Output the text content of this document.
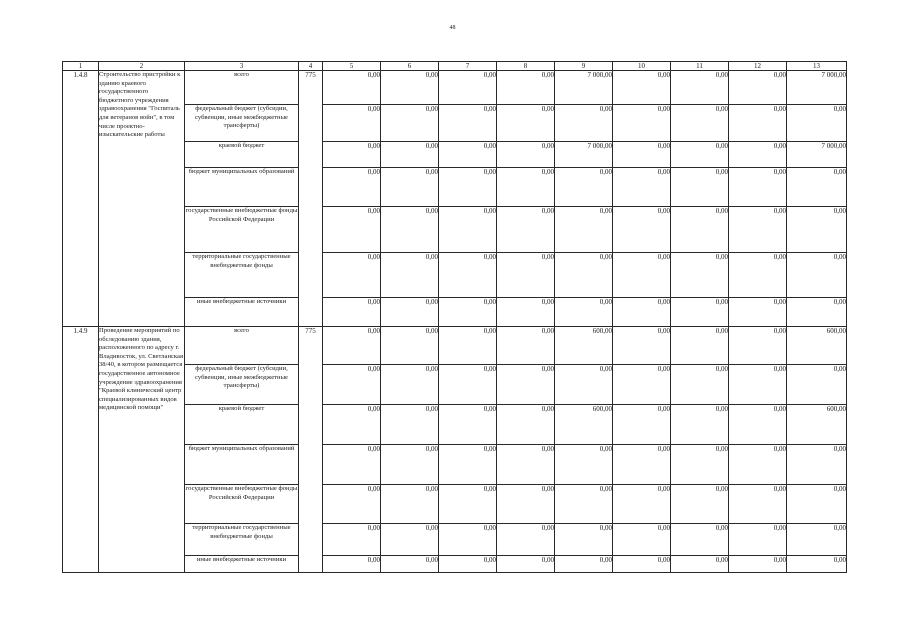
48
1	2	3	4	5	6	7	8	9	10	11	12	13
1.4.8	Строительство пристройки к зданию краевого государственного бюджетного учреждения здравоохранения "Госпиталь для ветеранов войн", в том числе проектно-изыскательские работы	всего	775	0,00	0,00	0,00	0,00	7 000,00	0,00	0,00	0,00	7 000,00
		федеральный бюджет (субсидии, субвенции, иные межбюджетные трансферты)		0,00	0,00	0,00	0,00	0,00	0,00	0,00	0,00	0,00
		краевой бюджет		0,00	0,00	0,00	0,00	7 000,00	0,00	0,00	0,00	7 000,00
		бюджет муниципальных образований		0,00	0,00	0,00	0,00	0,00	0,00	0,00	0,00	0,00
		государственные внебюджетные фонды Российской Федерации		0,00	0,00	0,00	0,00	0,00	0,00	0,00	0,00	0,00
		территориальные государственные внебюджетные фонды		0,00	0,00	0,00	0,00	0,00	0,00	0,00	0,00	0,00
		иные внебюджетные источники		0,00	0,00	0,00	0,00	0,00	0,00	0,00	0,00	0,00
1.4.9	Проведение мероприятий по обследованию здания, расположенного по адресу г. Владивосток, ул. Светланская 38/40, в котором размещается государственное автономное учреждение здравоохранения "Краевой клинический центр специализированных видов медицинской помощи"	всего	775	0,00	0,00	0,00	0,00	600,00	0,00	0,00	0,00	600,00
		федеральный бюджет (субсидии, субвенции, иные межбюджетные трансферты)		0,00	0,00	0,00	0,00	0,00	0,00	0,00	0,00	0,00
		краевой бюджет		0,00	0,00	0,00	0,00	600,00	0,00	0,00	0,00	600,00
		бюджет муниципальных образований		0,00	0,00	0,00	0,00	0,00	0,00	0,00	0,00	0,00
		государственные внебюджетные фонды Российской Федерации		0,00	0,00	0,00	0,00	0,00	0,00	0,00	0,00	0,00
		территориальные государственные внебюджетные фонды		0,00	0,00	0,00	0,00	0,00	0,00	0,00	0,00	0,00
		иные внебюджетные источники		0,00	0,00	0,00	0,00	0,00	0,00	0,00	0,00	0,00
